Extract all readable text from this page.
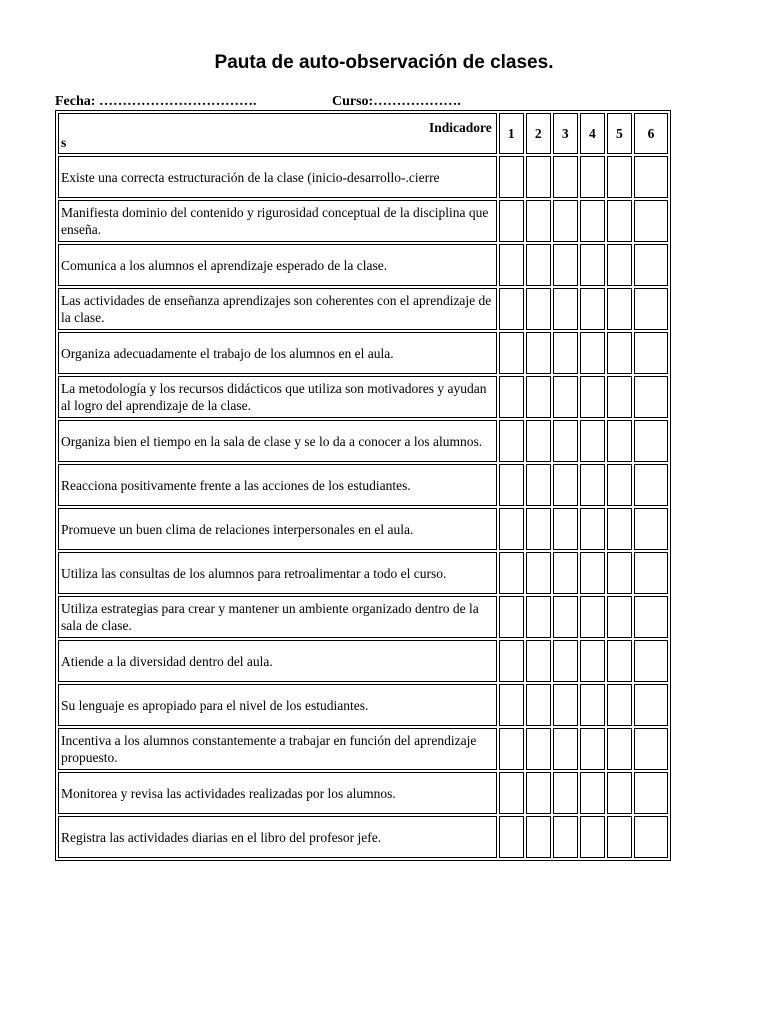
Pauta de auto-observación de clases.
Fecha: …………………………….	Curso:……………….
Indicadore
s	1	2	3	4	5	6
Existe una correcta estructuración de la clase (inicio-desarrollo-.cierre						
Manifiesta dominio del contenido y rigurosidad conceptual de la disciplina que enseña.						
Comunica a los alumnos el aprendizaje esperado de la clase.						
Las actividades de enseñanza aprendizajes son coherentes con el aprendizaje de la clase.						
Organiza adecuadamente el trabajo de los alumnos en el aula.						
La metodología y los recursos didácticos que utiliza son motivadores y ayudan al logro del aprendizaje de la clase.						
Organiza bien el tiempo en la sala de clase y se lo da a conocer a los alumnos.						
Reacciona positivamente frente a las acciones de los estudiantes.						
Promueve un buen clima de relaciones interpersonales en el aula.						
Utiliza las consultas de los alumnos para retroalimentar a todo el curso.						
Utiliza estrategias para crear y mantener un ambiente organizado dentro de la sala de clase.						
Atiende a la diversidad dentro del aula.						
Su lenguaje es apropiado para el nivel de los estudiantes.						
Incentiva a los alumnos constantemente a trabajar en función del aprendizaje propuesto.						
Monitorea y revisa las actividades realizadas por los alumnos.						
Registra las actividades diarias en el libro del profesor jefe.						
